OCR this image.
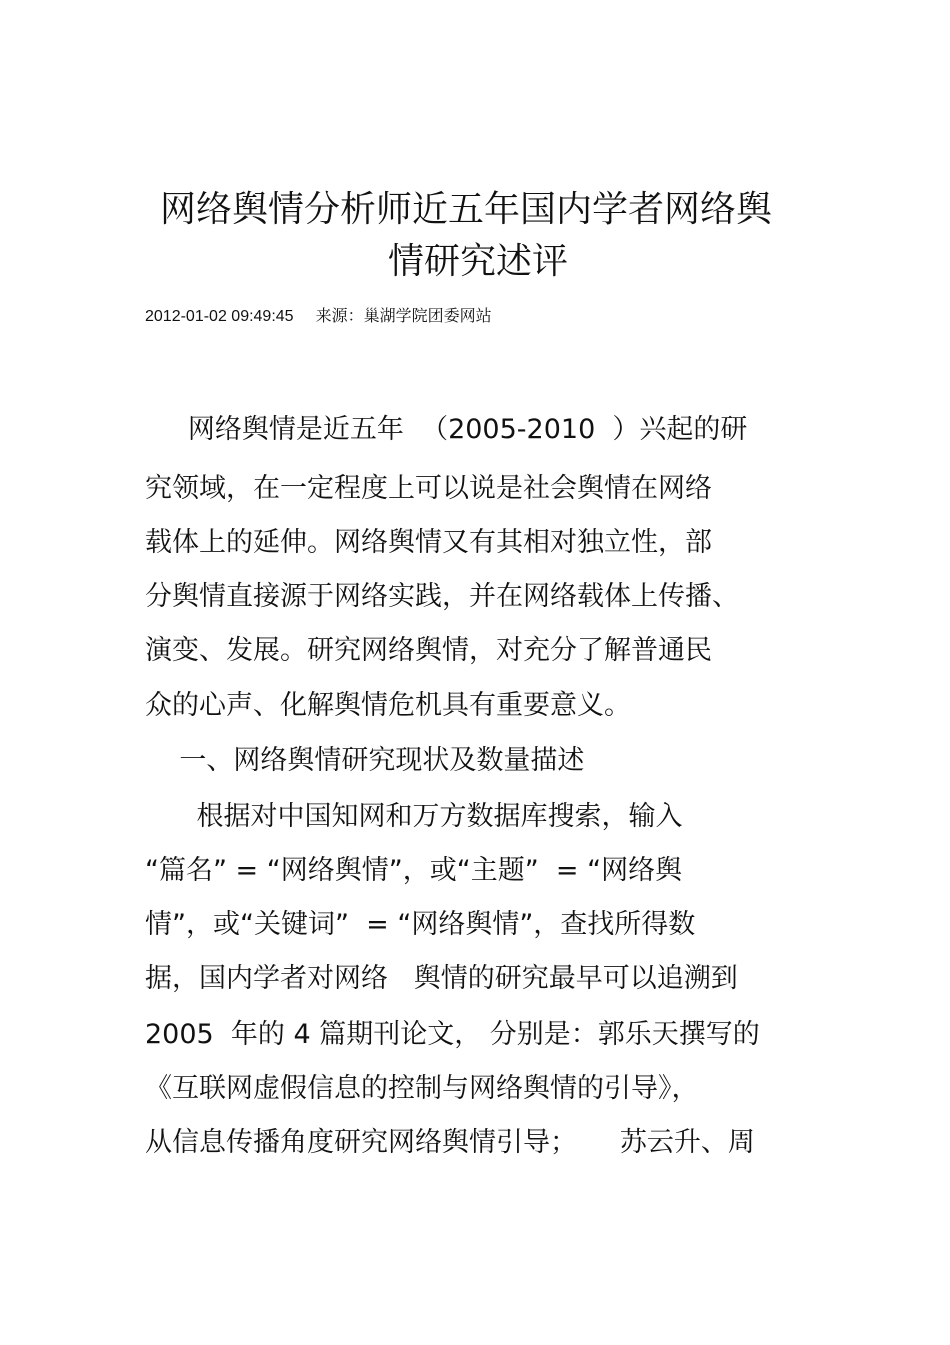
网络舆情分析师近五年国内学者网络舆
情研究述评
2012-01-02 09:49:45 来源：巢湖学院团委网站
网络舆情是近五年  （2005-2010  ）兴起的研
究领域，在一定程度上可以说是社会舆情在网络
载体上的延伸。网络舆情又有其相对独立性，部
分舆情直接源于网络实践，并在网络载体上传播、
演变、发展。研究网络舆情，对充分了解普通民
众的心声、化解舆情危机具有重要意义。
一、网络舆情研究现状及数量描述
根据对中国知网和万方数据库搜索，输入
“篇名” = “网络舆情”，或“主题”  = “网络舆
情”，或“关键词”  = “网络舆情”，查找所得数
据，国内学者对网络   舆情的研究最早可以追溯到
2005  年的 4 篇期刊论文， 分别是：郭乐天撰写的
《互联网虚假信息的控制与网络舆情的引导》，
从信息传播角度研究网络舆情引导；     苏云升、周
